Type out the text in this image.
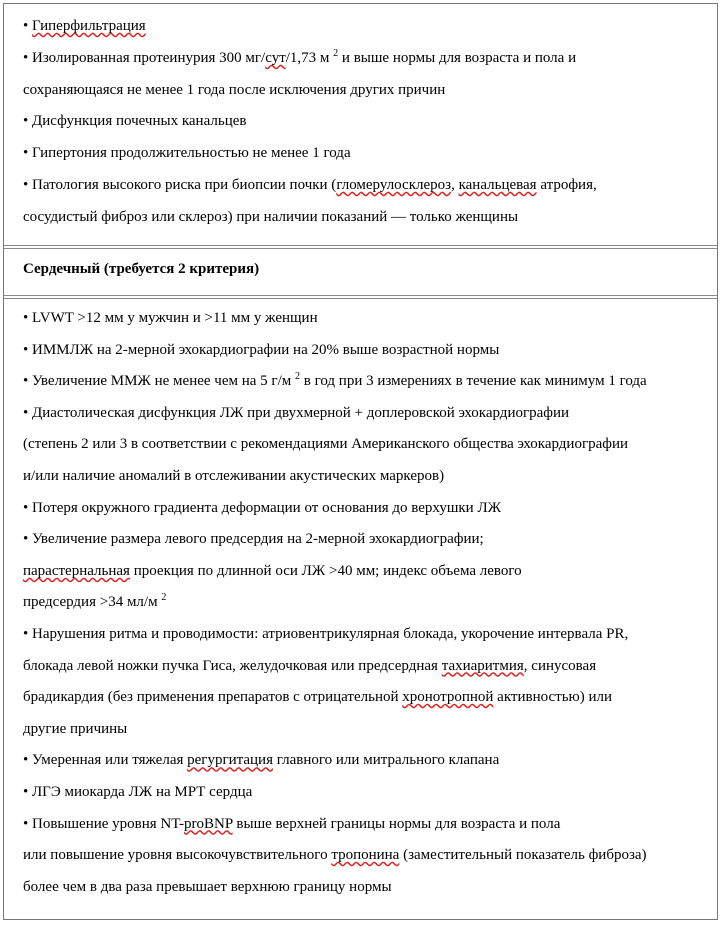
• Гиперфильтрация
• Изолированная протеинурия 300 мг/сут/1,73 м $^2$ и выше нормы для возраста и пола и
сохраняющаяся не менее 1 года после исключения других причин
• Дисфункция почечных канальцев
• Гипертония продолжительностью не менее 1 года
• Патология высокого риска при биопсии почки (гломерулосклероз, канальцевая атрофия,
сосудистый фиброз или склероз) при наличии показаний — только женщины
Сердечный (требуется 2 критерия)
• LVWT >12 мм у мужчин и >11 мм у женщин
• ИММЛЖ на 2-мерной эхокардиографии на 20% выше возрастной нормы
• Увеличение ММЖ не менее чем на 5 г/м $^2$ в год при 3 измерениях в течение как минимум 1 года
• Диастолическая дисфункция ЛЖ при двухмерной + доплеровской эхокардиографии
(степень 2 или 3 в соответствии с рекомендациями Американского общества эхокардиографии
и/или наличие аномалий в отслеживании акустических маркеров)
• Потеря окружного градиента деформации от основания до верхушки ЛЖ
• Увеличение размера левого предсердия на 2-мерной эхокардиографии;
парастернальная проекция по длинной оси ЛЖ >40 мм; индекс объема левого
предсердия >34 мл/м $^2$
• Нарушения ритма и проводимости: атриовентрикулярная блокада, укорочение интервала PR,
блокада левой ножки пучка Гиса, желудочковая или предсердная тахиаритмия, синусовая
брадикардия (без применения препаратов с отрицательной хронотропной активностью) или
другие причины
• Умеренная или тяжелая регургитация главного или митрального клапана
• ЛГЭ миокарда ЛЖ на МРТ сердца
• Повышение уровня NT-proBNP выше верхней границы нормы для возраста и пола
или повышение уровня высокочувствительного тропонина (заместительный показатель фиброза)
более чем в два раза превышает верхнюю границу нормы
